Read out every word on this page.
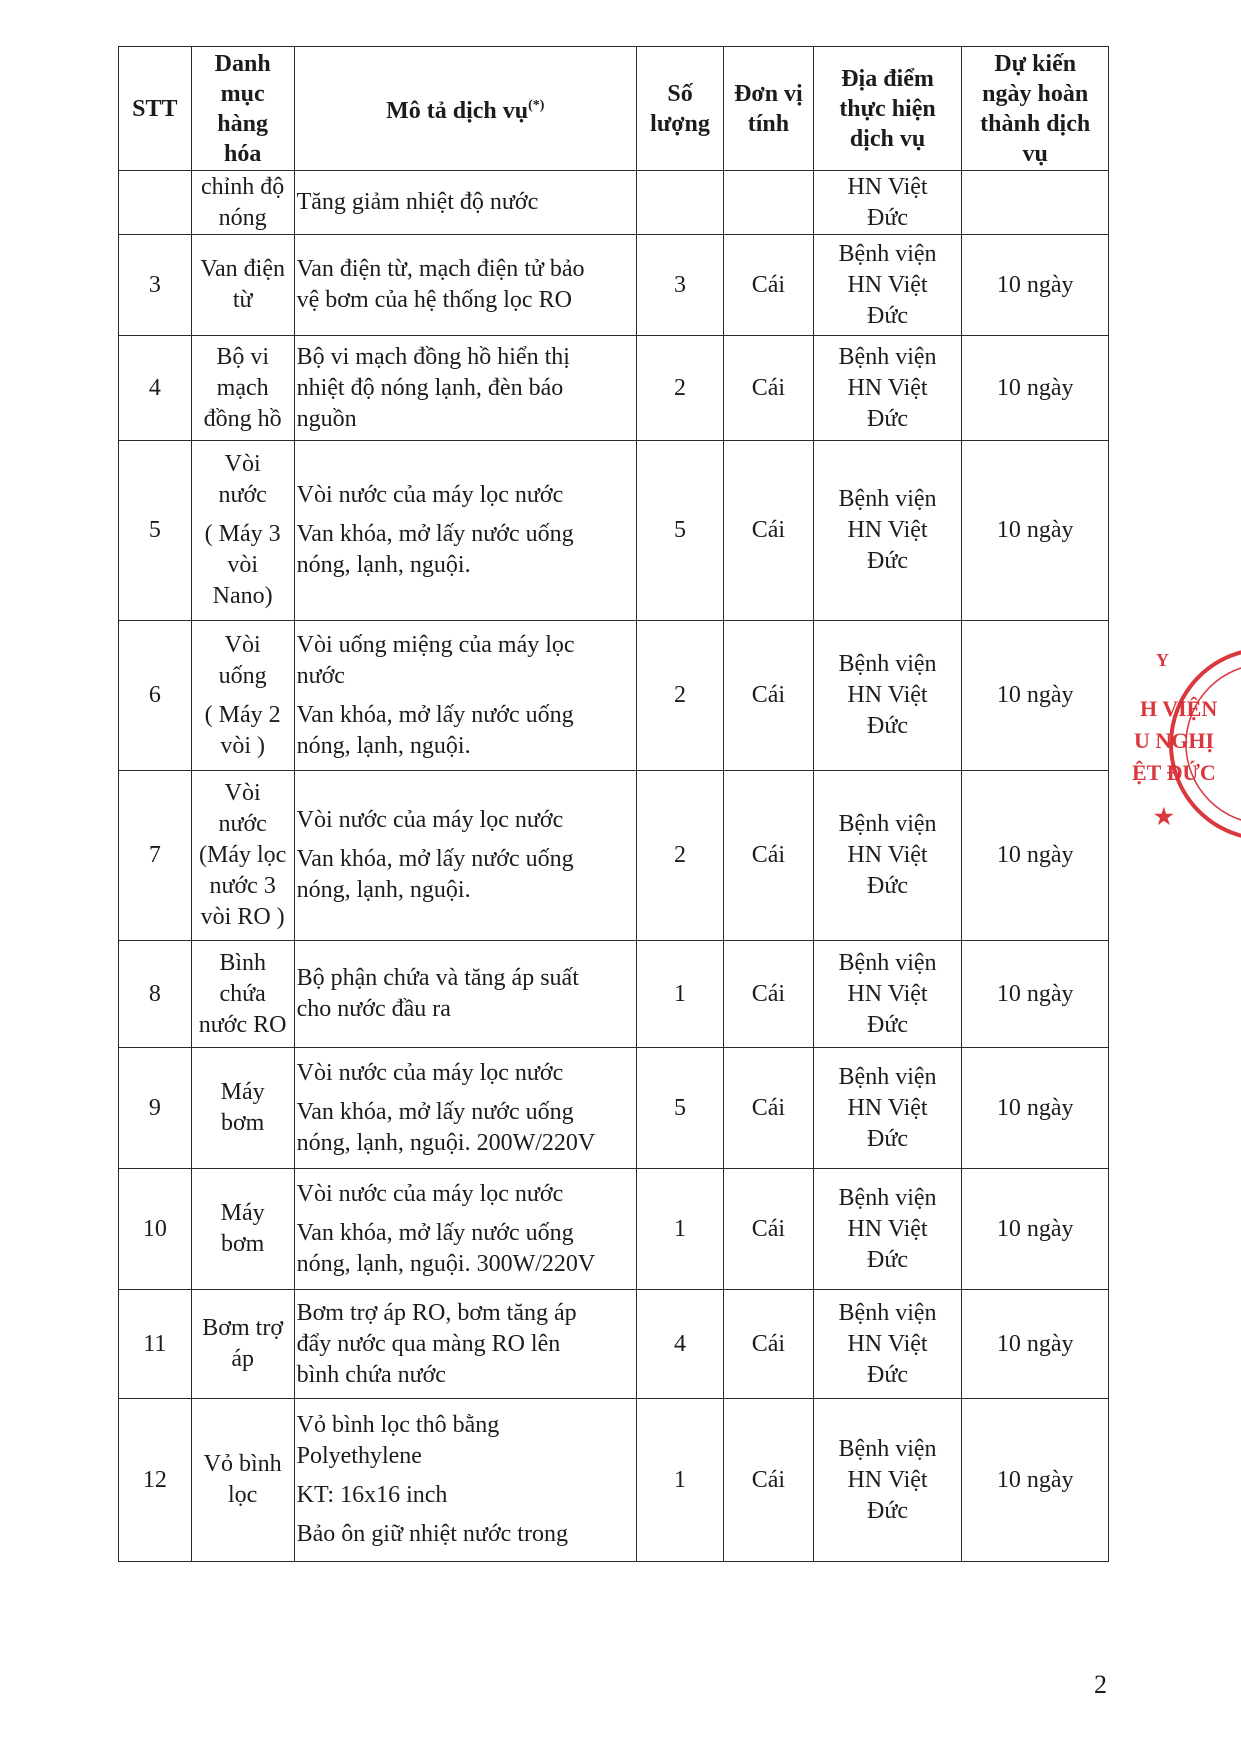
STT	Danh
mục
hàng
hóa	Mô tả dịch vụ(*)	Số
lượng	Đơn vị
tính	Địa điểm
thực hiện
dịch vụ	Dự kiến
ngày hoàn
thành dịch
vụ

	chỉnh độ
nóng	Tăng giảm nhiệt độ nước			HN Việt
Đức	

3	Van điện
từ	Van điện từ, mạch điện tử bảo
vệ bơm của hệ thống lọc RO	3	Cái	Bệnh viện
HN Việt
Đức	10 ngày
4	Bộ vi
mạch
đồng hồ	Bộ vi mạch đồng hồ hiển thị
nhiệt độ nóng lạnh, đèn báo
nguồn	2	Cái	Bệnh viện
HN Việt
Đức	10 ngày
5	Vòi
nước
( Máy 3
vòi
Nano)	Vòi nước của máy lọc nước
Van khóa, mở lấy nước uống
nóng, lạnh, nguội.	5	Cái	Bệnh viện
HN Việt
Đức	10 ngày
6	Vòi
uống
( Máy 2
vòi )	Vòi uống miệng của máy lọc
nước
Van khóa, mở lấy nước uống
nóng, lạnh, nguội.	2	Cái	Bệnh viện
HN Việt
Đức	10 ngày
7	Vòi
nước
(Máy lọc
nước 3
vòi RO )	Vòi nước của máy lọc nước
Van khóa, mở lấy nước uống
nóng, lạnh, nguội.	2	Cái	Bệnh viện
HN Việt
Đức	10 ngày
8	Bình
chứa
nước RO	Bộ phận chứa và tăng áp suất
cho nước đầu ra	1	Cái	Bệnh viện
HN Việt
Đức	10 ngày
9	Máy
bơm	Vòi nước của máy lọc nước
Van khóa, mở lấy nước uống
nóng, lạnh, nguội. 200W/220V	5	Cái	Bệnh viện
HN Việt
Đức	10 ngày
10	Máy
bơm	Vòi nước của máy lọc nước
Van khóa, mở lấy nước uống
nóng, lạnh, nguội. 300W/220V	1	Cái	Bệnh viện
HN Việt
Đức	10 ngày
11	Bơm trợ
áp	Bơm trợ áp RO, bơm tăng áp
đẩy nước qua màng RO lên
bình chứa nước	4	Cái	Bệnh viện
HN Việt
Đức	10 ngày
12	Vỏ bình
lọc	Vỏ bình lọc thô bằng
Polyethylene
KT: 16x16 inch
Bảo ôn giữ nhiệt nước trong	1	Cái	Bệnh viện
HN Việt
Đức	10 ngày
Y
H VIỆN
U NGHỊ
ỆT ĐỨC
★
2
